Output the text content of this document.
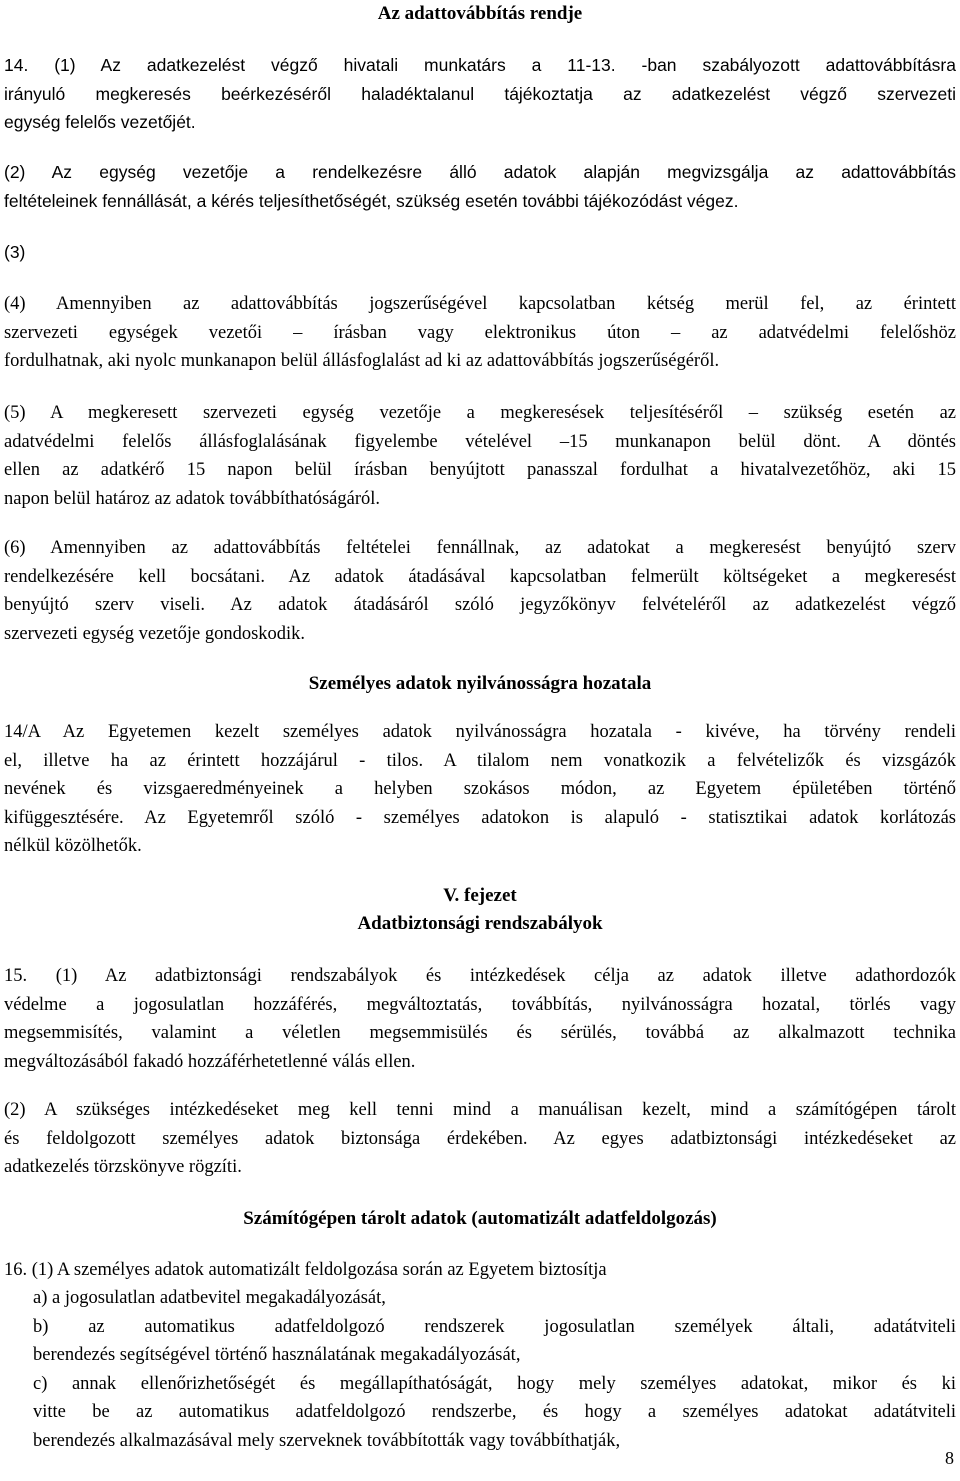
Az adattovábbítás rendje
14. (1) Az adatkezelést végző hivatali munkatárs a 11-13. -ban szabályozott adattovábbításra
irányuló megkeresés beérkezéséről haladéktalanul tájékoztatja az adatkezelést végző szervezeti
egység felelős vezetőjét.
(2) Az egység vezetője a rendelkezésre álló adatok alapján megvizsgálja az adattovábbítás
feltételeinek fennállását, a kérés teljesíthetőségét, szükség esetén további tájékozódást végez.
(3)
(4) Amennyiben az adattovábbítás jogszerűségével kapcsolatban kétség merül fel, az érintett
szervezeti egységek vezetői – írásban vagy elektronikus úton – az adatvédelmi felelőshöz
fordulhatnak, aki nyolc munkanapon belül állásfoglalást ad ki az adattovábbítás jogszerűségéről.
(5) A megkeresett szervezeti egység vezetője a megkeresések teljesítéséről – szükség esetén az
adatvédelmi felelős állásfoglalásának figyelembe vételével –15 munkanapon belül dönt. A döntés
ellen az adatkérő 15 napon belül írásban benyújtott panasszal fordulhat a hivatalvezetőhöz, aki 15
napon belül határoz az adatok továbbíthatóságáról.
(6) Amennyiben az adattovábbítás feltételei fennállnak, az adatokat a megkeresést benyújtó szerv
rendelkezésére kell bocsátani. Az adatok átadásával kapcsolatban felmerült költségeket a megkeresést
benyújtó szerv viseli. Az adatok átadásáról szóló jegyzőkönyv felvételéről az adatkezelést végző
szervezeti egység vezetője gondoskodik.
Személyes adatok nyilvánosságra hozatala
14/A Az Egyetemen kezelt személyes adatok nyilvánosságra hozatala - kivéve, ha törvény rendeli
el, illetve ha az érintett hozzájárul - tilos. A tilalom nem vonatkozik a felvételizők és vizsgázók
nevének és vizsgaeredményeinek a helyben szokásos módon, az Egyetem épületében történő
kifüggesztésére. Az Egyetemről szóló - személyes adatokon is alapuló - statisztikai adatok korlátozás
nélkül közölhetők.
V. fejezet
Adatbiztonsági rendszabályok
15. (1) Az adatbiztonsági rendszabályok és intézkedések célja az adatok illetve adathordozók
védelme a jogosulatlan hozzáférés, megváltoztatás, továbbítás, nyilvánosságra hozatal, törlés vagy
megsemmisítés, valamint a véletlen megsemmisülés és sérülés, továbbá az alkalmazott technika
megváltozásából fakadó hozzáférhetetlenné válás ellen.
(2) A szükséges intézkedéseket meg kell tenni mind a manuálisan kezelt, mind a számítógépen tárolt
és feldolgozott személyes adatok biztonsága érdekében. Az egyes adatbiztonsági intézkedéseket az
adatkezelés törzskönyve rögzíti.
Számítógépen tárolt adatok (automatizált adatfeldolgozás)
16. (1) A személyes adatok automatizált feldolgozása során az Egyetem biztosítja
a) a jogosulatlan adatbevitel megakadályozását,
b) az automatikus adatfeldolgozó rendszerek jogosulatlan személyek általi, adatátviteli
berendezés segítségével történő használatának megakadályozását,
c) annak ellenőrizhetőségét és megállapíthatóságát, hogy mely személyes adatokat, mikor és ki
vitte be az automatikus adatfeldolgozó rendszerbe, és hogy a személyes adatokat adatátviteli
berendezés alkalmazásával mely szerveknek továbbították vagy továbbíthatják,
8
